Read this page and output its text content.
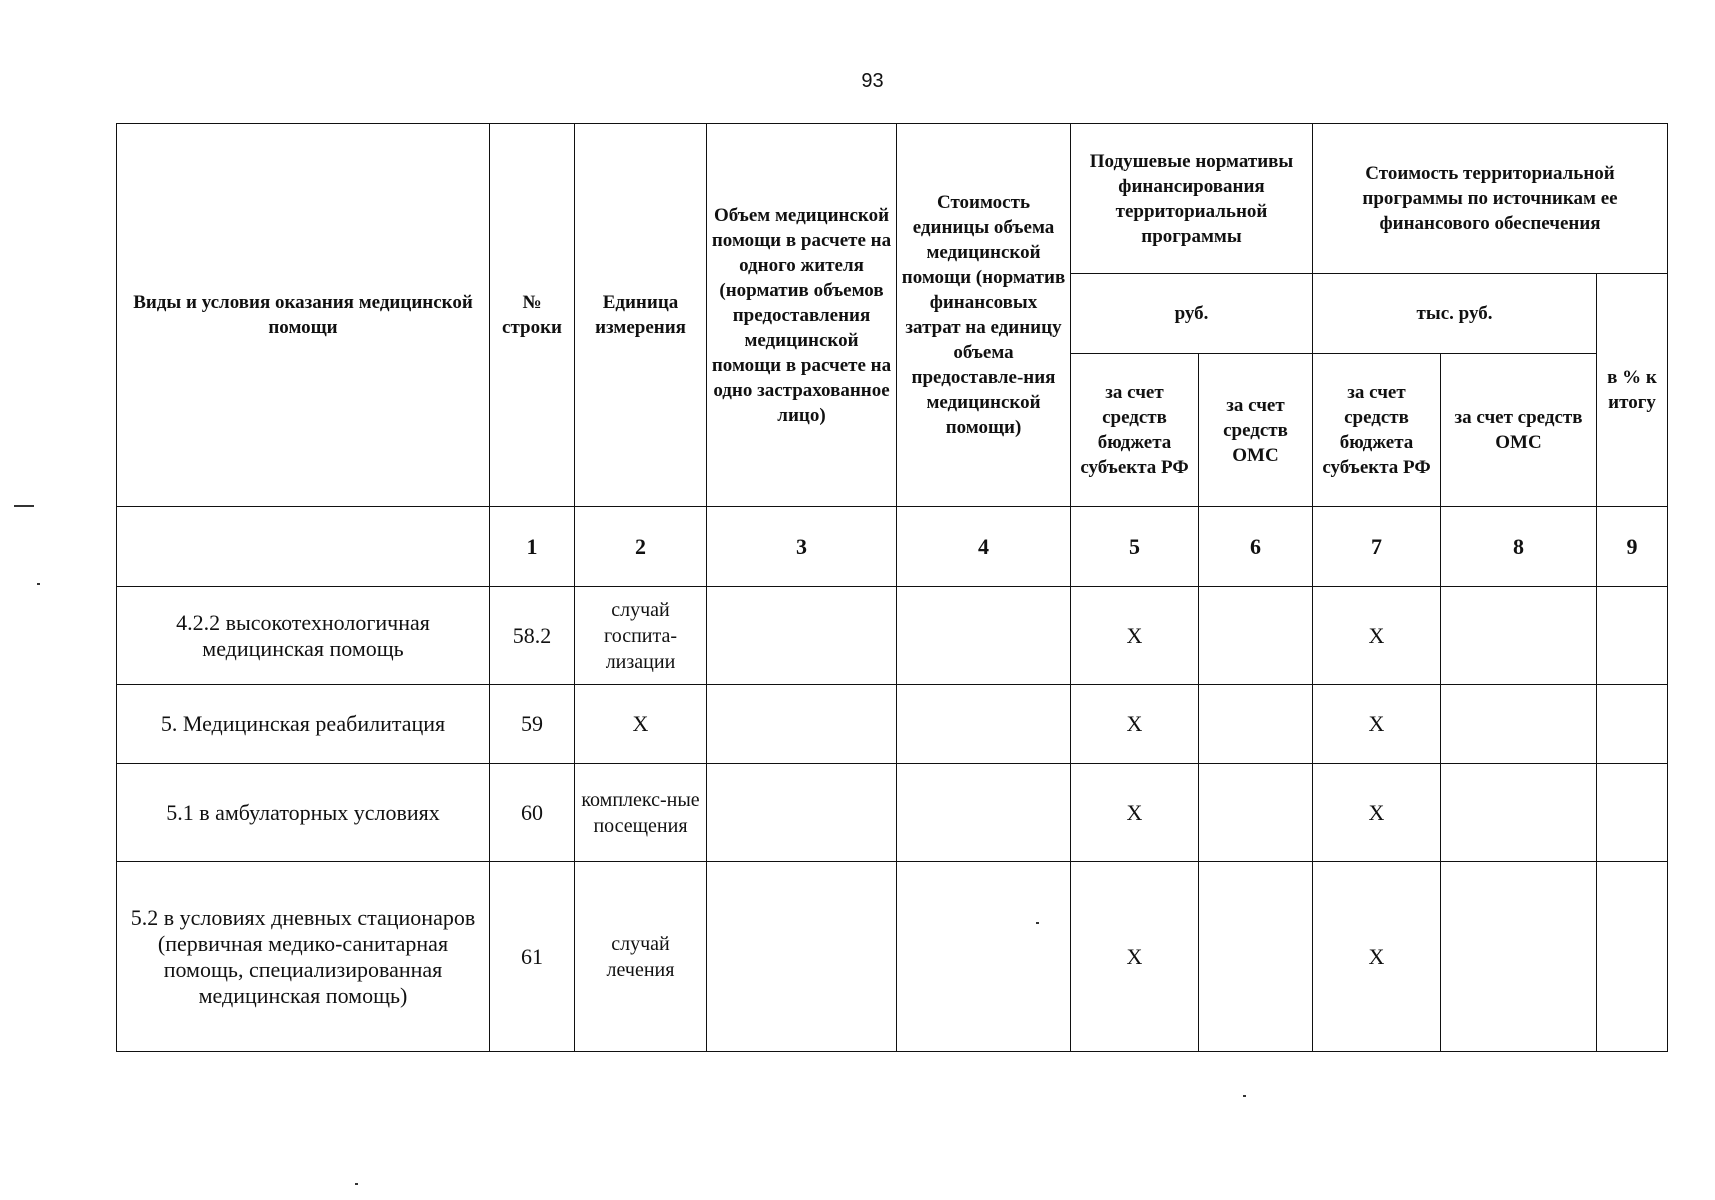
93
Виды и условия оказания медицинской помощи	№ строки	Единица измерения	Объем медицинской помощи в расчете на одного жителя (норматив объемов предоставления медицинской помощи в расчете на одно застрахованное лицо)	Стоимость единицы объема медицинской помощи (норматив финансовых затрат на единицу объема предоставле-ния медицинской помощи)	Подушевые нормативы финансирования территориальной программы		Стоимость территориальной программы по источникам ее финансового обеспечения		
					руб.		тыс. руб.		в % к итогу
					за счет средств бюджета субъекта РФ	за счет средств ОМС	за счет средств бюджета субъекта РФ	за счет средств ОМС	
	1	2	3	4	5	6	7	8	9
4.2.2 высокотехнологичная медицинская помощь	58.2	случай госпита-лизации			X		X		
5. Медицинская реабилитация	59	X			X		X		
5.1 в амбулаторных условиях	60	комплекс-ные посещения			X		X		
5.2 в условиях дневных стационаров (первичная медико-санитарная помощь, специализированная медицинская помощь)	61	случай лечения			X		X		
